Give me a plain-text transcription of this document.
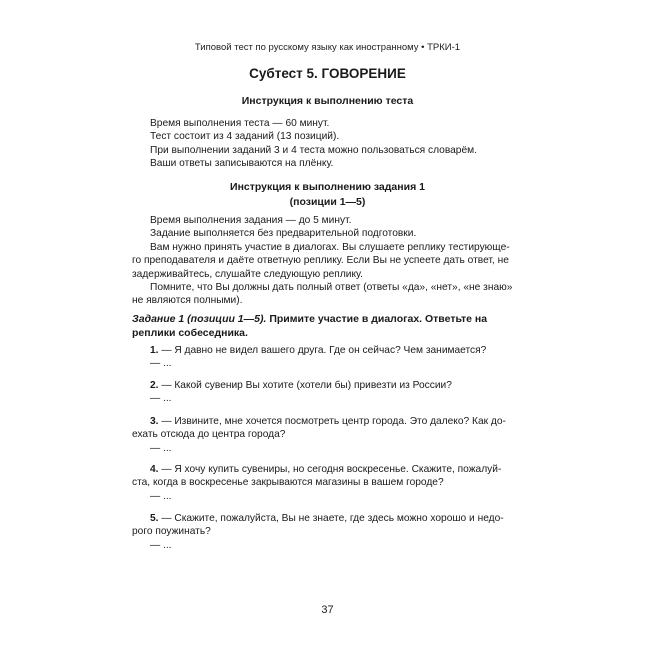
Типовой тест по русскому языку как иностранному • ТРКИ-1
Субтест 5. ГОВОРЕНИЕ
Инструкция к выполнению теста

Время выполнения теста — 60 минут.

Тест состоит из 4 заданий (13 позиций).

При выполнении заданий 3 и 4 теста можно пользоваться словарём.

Ваши ответы записываются на плёнку.

Инструкция к выполнению задания 1
(позиции 1—5)

Время выполнения задания — до 5 минут.

Задание выполняется без предварительной подготовки.

Вам нужно принять участие в диалогах. Вы слушаете реплику тестирующе-

го преподавателя и даёте ответную реплику. Если Вы не успеете дать ответ, не

задерживайтесь, слушайте следующую реплику.

Помните, что Вы должны дать полный ответ (ответы «да», «нет», «не знаю»

не являются полными).

Задание 1 (позиции 1—5). Примите участие в диалогах. Ответьте на
реплики собеседника.

1. — Я давно не видел вашего друга. Где он сейчас? Чем занимается?

— ...

2. — Какой сувенир Вы хотите (хотели бы) привезти из России?

— ...

3. — Извините, мне хочется посмотреть центр города. Это далеко? Как до-

ехать отсюда до центра города?

— ...

4. — Я хочу купить сувениры, но сегодня воскресенье. Скажите, пожалуй-

ста, когда в воскресенье закрываются магазины в вашем городе?

— ...

5. — Скажите, пожалуйста, Вы не знаете, где здесь можно хорошо и недо-

рого поужинать?

— ...

37
